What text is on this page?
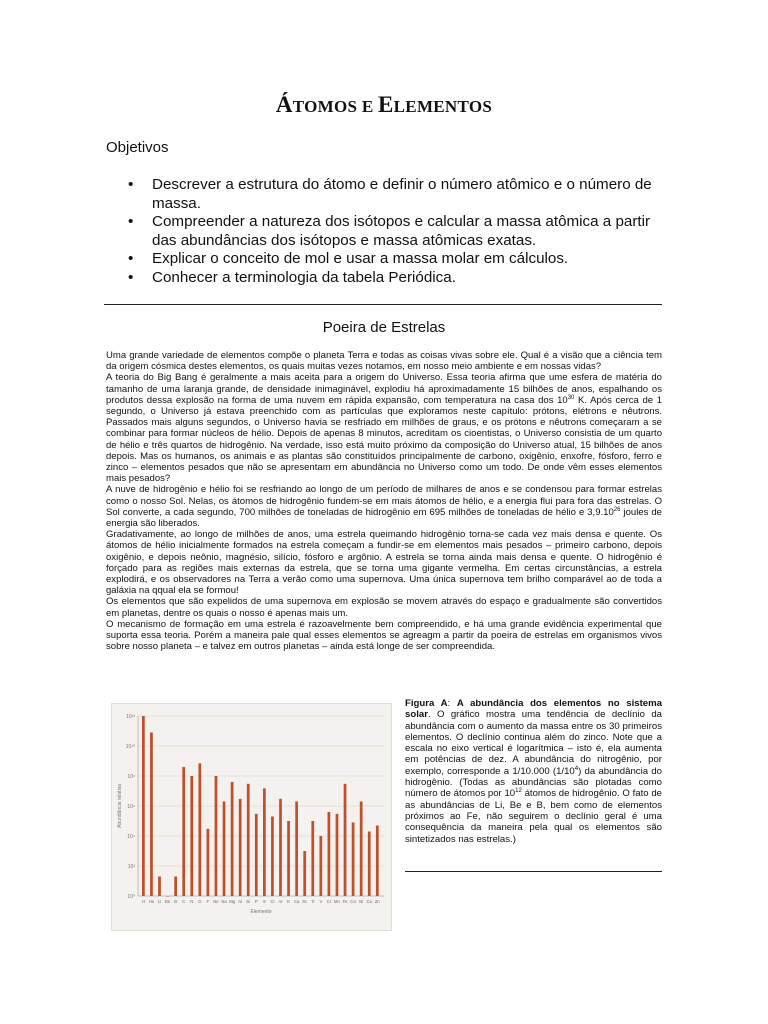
ÁTOMOS E ELEMENTOS
Objetivos
• Descrever a estrutura do átomo e definir o número atômico e o número de massa.
• Compreender a natureza dos isótopos e calcular a massa atômica a partir das abundâncias dos isótopos e massa atômicas exatas.
• Explicar o conceito de mol e usar a massa molar em cálculos.
• Conhecer a terminologia da tabela Periódica.
Poeira de Estrelas

Uma grande variedade de elementos compõe o planeta Terra e todas as coisas vivas sobre ele. Qual é a visão que a ciência tem da origem cósmica destes elementos, os quais muitas vezes notamos, em nosso meio ambiente e em nossas vidas?

A teoria do Big Bang é geralmente a mais aceita para a origem do Universo. Essa teoria afirma que ume esfera de matéria do tamanho de uma laranja grande, de densidade inimaginável, explodiu há aproximadamente 15 bilhões de anos, espalhando os produtos dessa explosão na forma de uma nuvem em rápida expansão, com temperatura na casa dos $10^{30}$ K. Após cerca de 1 segundo, o Universo já estava preenchido com as partículas que exploramos neste capítulo: prótons, elétrons e nêutrons. Passados mais alguns segundos, o Universo havia se resfriado em milhões de graus, e os prótons e nêutrons começaram a se combinar para formar núcleos de hélio. Depois de apenas 8 minutos, acreditam os cioentistas, o Universo consistia de um quarto de hélio e três quartos de hidrogênio. Na verdade, isso está muito próximo da composição do Universo atual, 15 bilhões de anos depois. Mas os humanos, os animais e as plantas são constituídos principalmente de carbono, oxigênio, enxofre, fósforo, ferro e zinco – elementos pesados que não se apresentam em abundância no Universo como um todo. De onde vêm esses elementos mais pesados?

A nuve de hidrogênio e hélio foi se resfriando ao longo de um período de milhares de anos e se condensou para formar estrelas como o nosso Sol. Nelas, os átomos de hidrogênio fundem-se em mais átomos de hélio, e a energia flui para fora das estrelas. O Sol converte, a cada segundo, 700 milhões de toneladas de hidrogênio em 695 milhões de toneladas de hélio e 3,9.10$^{26}$ joules de energia são liberados.

Gradativamente, ao longo de milhões de anos, uma estrela queimando hidrogênio torna-se cada vez mais densa e quente. Os átomos de hélio inicialmente formados na estrela começam a fundir-se em elementos mais pesados – primeiro carbono, depois oxigênio, e depois neônio, magnésio, silício, fósforo e argônio. A estrela se torna ainda mais densa e quente. O hidrogênio é forçado para as regiões mais externas da estrela, que se torna uma gigante vermelha. Em certas circunstâncias, a estrela explodirá, e os observadores na Terra a verão como uma supernova. Uma única supernova tem brilho comparável ao de toda a galáxia na qqual ela se formou!

Os elementos que são expelidos de uma supernova em explosão se movem através do espaço e gradualmente são convertidos em planetas, dentre os quais o nosso é apenas mais um.

O mecanismo de formação em uma estrela é razoavelmente bem compreendido, e há uma grande evidência experimental que suporta essa teoria. Porém a maneira pale qual esses elementos se agreagm a partir da poeira de estrelas em organismos vivos sobre nosso planeta – e talvez em outros planetas – ainda está longe de ser compreendida.

10¹²
10¹⁰
10⁸
10⁶
10⁴
10²
10⁰
H He Li Be B C N O F Ne Na Mg Al Si P S Cl Ar K Ca Sc Ti V Cr Mn Fe Co Ni Cu Zn
Abundância relativa
Elemento
Figura A: A abundância dos elementos no sistema solar. O gráfico mostra uma tendência de declínio da abundância com o aumento da massa entre os 30 primeiros elementos. O declínio continua além do zinco. Note que a escala no eixo vertical é logarítmica – isto é, ela aumenta em potências de dez. A abundância do nitrogênio, por exemplo, corresponde a 1/10.000 $(1/10^4)$ da abundância do hidrogênio. (Todas as abundâncias são plotadas como número de átomos por $10^{12}$ átomos de hidrogênio. O fato de as abundâncias de Li, Be e B, bem como de elementos próximos ao Fe, não seguirem o declínio geral é uma consequência da maneira pela qual os elementos são sintetizados nas estrelas.)
